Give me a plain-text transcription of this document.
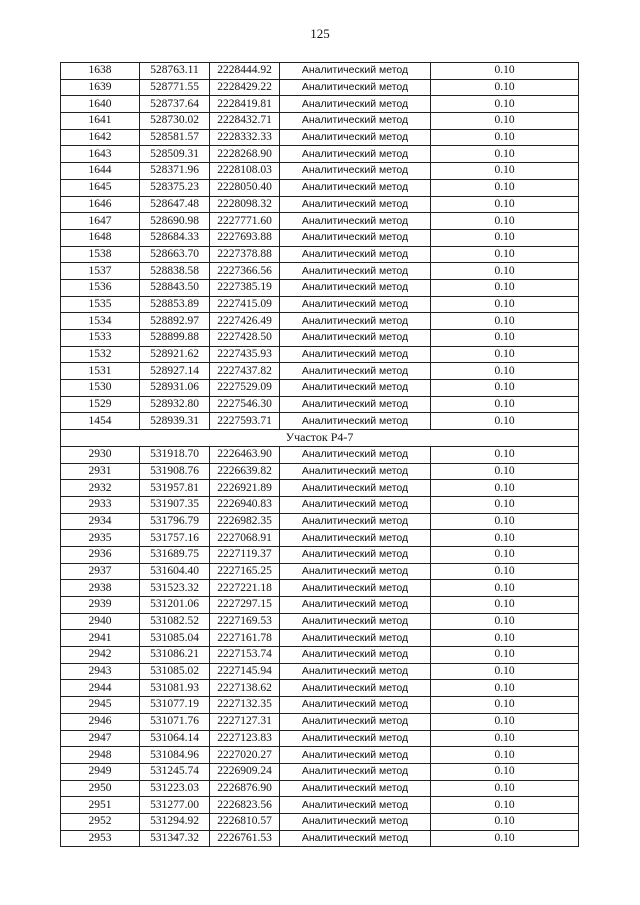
125
1638	528763.11	2228444.92	Аналитический метод	0.10
1639	528771.55	2228429.22	Аналитический метод	0.10
1640	528737.64	2228419.81	Аналитический метод	0.10
1641	528730.02	2228432.71	Аналитический метод	0.10
1642	528581.57	2228332.33	Аналитический метод	0.10
1643	528509.31	2228268.90	Аналитический метод	0.10
1644	528371.96	2228108.03	Аналитический метод	0.10
1645	528375.23	2228050.40	Аналитический метод	0.10
1646	528647.48	2228098.32	Аналитический метод	0.10
1647	528690.98	2227771.60	Аналитический метод	0.10
1648	528684.33	2227693.88	Аналитический метод	0.10
1538	528663.70	2227378.88	Аналитический метод	0.10
1537	528838.58	2227366.56	Аналитический метод	0.10
1536	528843.50	2227385.19	Аналитический метод	0.10
1535	528853.89	2227415.09	Аналитический метод	0.10
1534	528892.97	2227426.49	Аналитический метод	0.10
1533	528899.88	2227428.50	Аналитический метод	0.10
1532	528921.62	2227435.93	Аналитический метод	0.10
1531	528927.14	2227437.82	Аналитический метод	0.10
1530	528931.06	2227529.09	Аналитический метод	0.10
1529	528932.80	2227546.30	Аналитический метод	0.10
1454	528939.31	2227593.71	Аналитический метод	0.10
Участок Р4-7				
2930	531918.70	2226463.90	Аналитический метод	0.10
2931	531908.76	2226639.82	Аналитический метод	0.10
2932	531957.81	2226921.89	Аналитический метод	0.10
2933	531907.35	2226940.83	Аналитический метод	0.10
2934	531796.79	2226982.35	Аналитический метод	0.10
2935	531757.16	2227068.91	Аналитический метод	0.10
2936	531689.75	2227119.37	Аналитический метод	0.10
2937	531604.40	2227165.25	Аналитический метод	0.10
2938	531523.32	2227221.18	Аналитический метод	0.10
2939	531201.06	2227297.15	Аналитический метод	0.10
2940	531082.52	2227169.53	Аналитический метод	0.10
2941	531085.04	2227161.78	Аналитический метод	0.10
2942	531086.21	2227153.74	Аналитический метод	0.10
2943	531085.02	2227145.94	Аналитический метод	0.10
2944	531081.93	2227138.62	Аналитический метод	0.10
2945	531077.19	2227132.35	Аналитический метод	0.10
2946	531071.76	2227127.31	Аналитический метод	0.10
2947	531064.14	2227123.83	Аналитический метод	0.10
2948	531084.96	2227020.27	Аналитический метод	0.10
2949	531245.74	2226909.24	Аналитический метод	0.10
2950	531223.03	2226876.90	Аналитический метод	0.10
2951	531277.00	2226823.56	Аналитический метод	0.10
2952	531294.92	2226810.57	Аналитический метод	0.10
2953	531347.32	2226761.53	Аналитический метод	0.10
